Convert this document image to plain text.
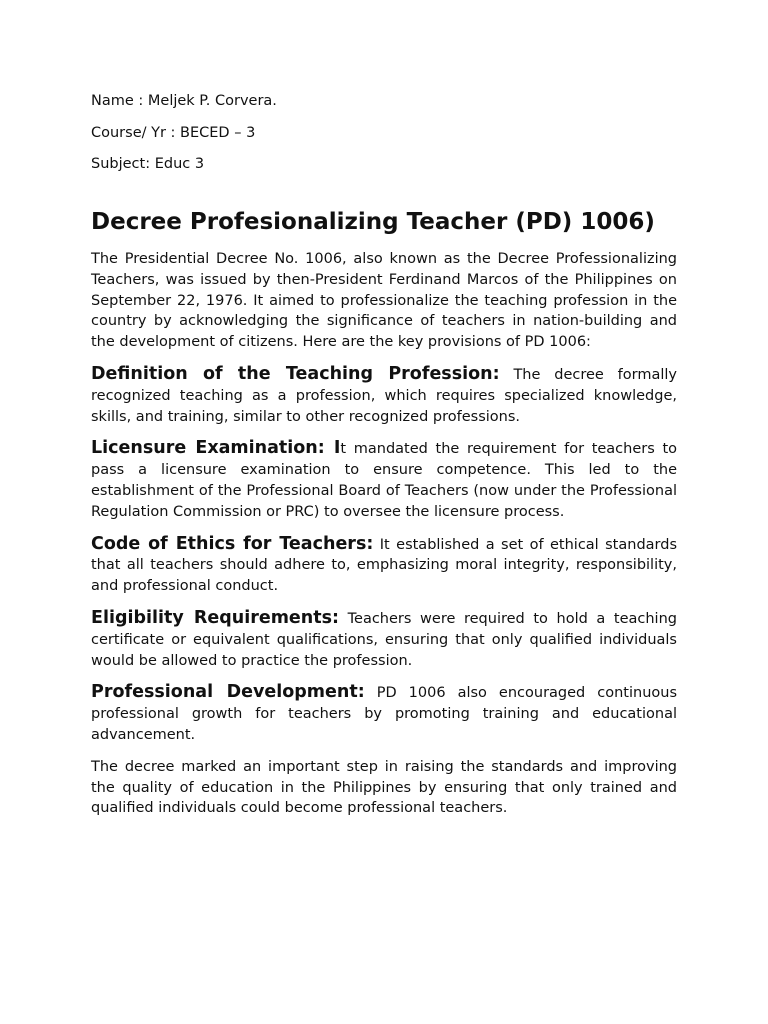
Name : Meljek P. Corvera.
Course/ Yr : BECED – 3
Subject: Educ 3
Decree Profesionalizing Teacher (PD) 1006)

The Presidential Decree No. 1006, also known as the Decree Professionalizing Teachers, was issued by then-President Ferdinand Marcos of the Philippines on September 22, 1976. It aimed to professionalize the teaching profession in the country by acknowledging the significance of teachers in nation-building and the development of citizens. Here are the key provisions of PD 1006:

Definition of the Teaching Profession: The decree formally recognized teaching as a profession, which requires specialized knowledge, skills, and training, similar to other recognized professions.

Licensure Examination: It mandated the requirement for teachers to pass a licensure examination to ensure competence. This led to the establishment of the Professional Board of Teachers (now under the Professional Regulation Commission or PRC) to oversee the licensure process.

Code of Ethics for Teachers: It established a set of ethical standards that all teachers should adhere to, emphasizing moral integrity, responsibility, and professional conduct.

Eligibility Requirements: Teachers were required to hold a teaching certificate or equivalent qualifications, ensuring that only qualified individuals would be allowed to practice the profession.

Professional Development: PD 1006 also encouraged continuous professional growth for teachers by promoting training and educational advancement.

The decree marked an important step in raising the standards and improving the quality of education in the Philippines by ensuring that only trained and qualified individuals could become professional teachers.
